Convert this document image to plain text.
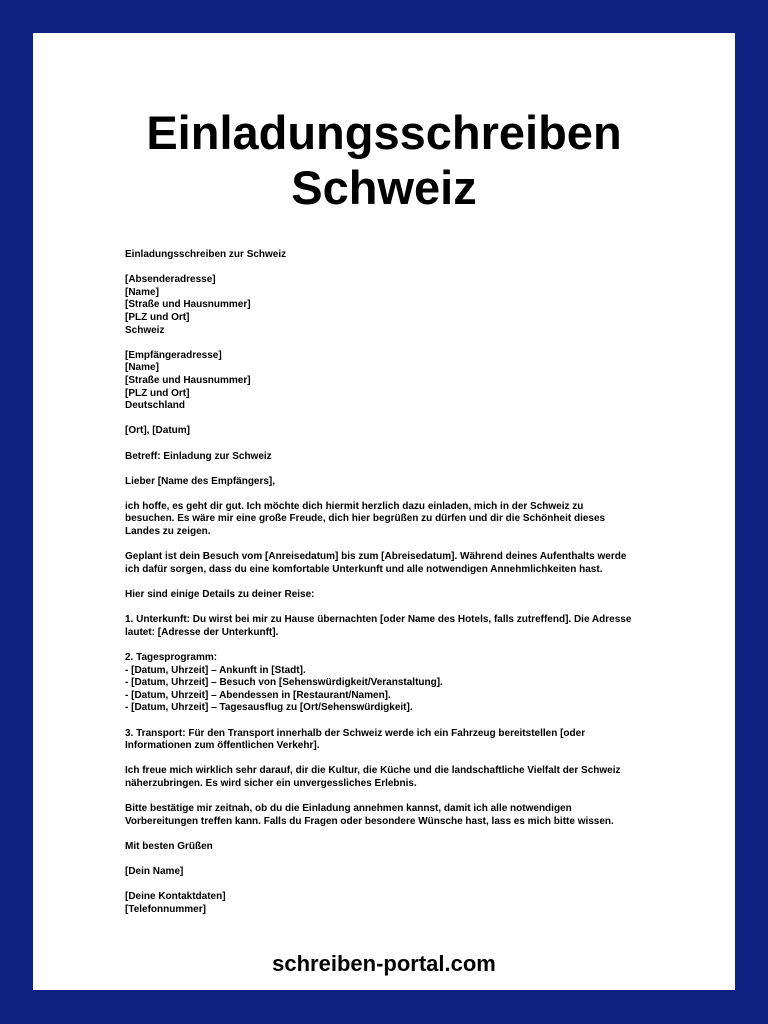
Einladungsschreiben
Schweiz
Einladungsschreiben zur Schweiz
[Absenderadresse]
[Name]
[Straße und Hausnummer]
[PLZ und Ort]
Schweiz
[Empfängeradresse]
[Name]
[Straße und Hausnummer]
[PLZ und Ort]
Deutschland
[Ort], [Datum]
Betreff: Einladung zur Schweiz
Lieber [Name des Empfängers],
ich hoffe, es geht dir gut. Ich möchte dich hiermit herzlich dazu einladen, mich in der Schweiz zu
besuchen. Es wäre mir eine große Freude, dich hier begrüßen zu dürfen und dir die Schönheit dieses
Landes zu zeigen.
Geplant ist dein Besuch vom [Anreisedatum] bis zum [Abreisedatum]. Während deines Aufenthalts werde
ich dafür sorgen, dass du eine komfortable Unterkunft und alle notwendigen Annehmlichkeiten hast.
Hier sind einige Details zu deiner Reise:
1. Unterkunft: Du wirst bei mir zu Hause übernachten [oder Name des Hotels, falls zutreffend]. Die Adresse
lautet: [Adresse der Unterkunft].
2. Tagesprogramm:
- [Datum, Uhrzeit] – Ankunft in [Stadt].
- [Datum, Uhrzeit] – Besuch von [Sehenswürdigkeit/Veranstaltung].
- [Datum, Uhrzeit] – Abendessen in [Restaurant/Namen].
- [Datum, Uhrzeit] – Tagesausflug zu [Ort/Sehenswürdigkeit].
3. Transport: Für den Transport innerhalb der Schweiz werde ich ein Fahrzeug bereitstellen [oder
Informationen zum öffentlichen Verkehr].
Ich freue mich wirklich sehr darauf, dir die Kultur, die Küche und die landschaftliche Vielfalt der Schweiz
näherzubringen. Es wird sicher ein unvergessliches Erlebnis.
Bitte bestätige mir zeitnah, ob du die Einladung annehmen kannst, damit ich alle notwendigen
Vorbereitungen treffen kann. Falls du Fragen oder besondere Wünsche hast, lass es mich bitte wissen.
Mit besten Grüßen
[Dein Name]
[Deine Kontaktdaten]
[Telefonnummer]
schreiben-portal.com
